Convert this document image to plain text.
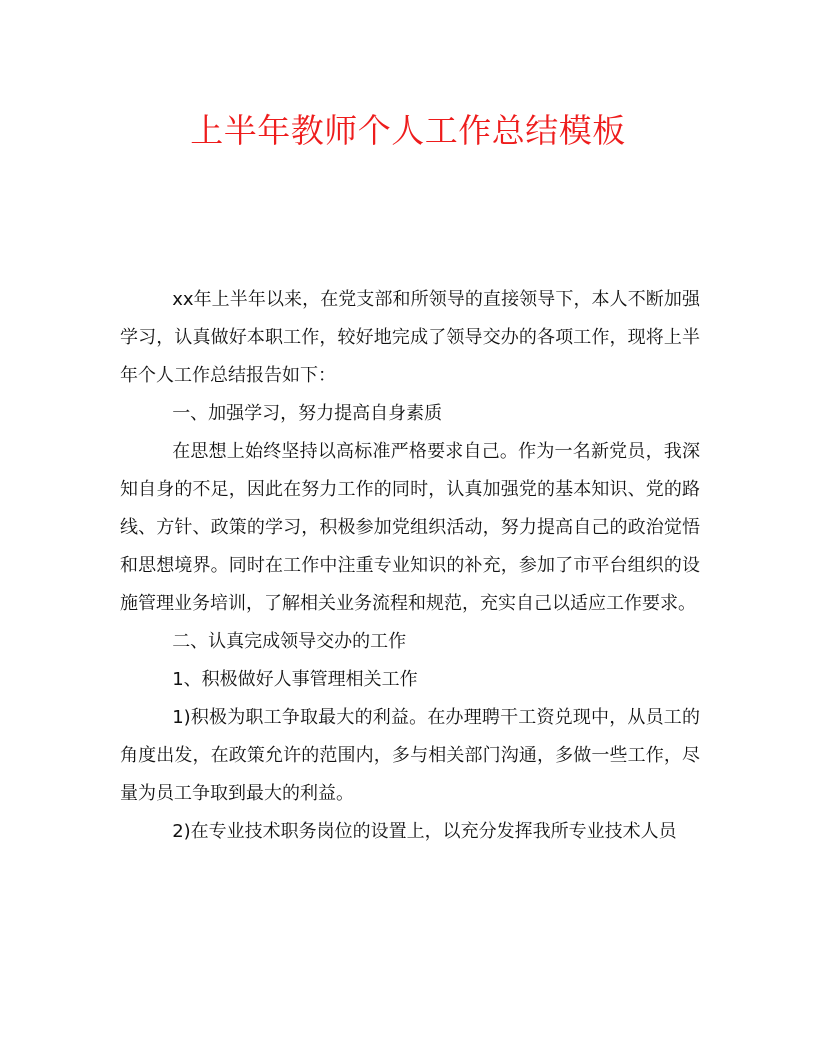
上半年教师个人工作总结模板

xx年上半年以来，在党支部和所领导的直接领导下，本人不断加强学习，认真做好本职工作，较好地完成了领导交办的各项工作，现将上半年个人工作总结报告如下：

一、加强学习，努力提高自身素质

在思想上始终坚持以高标准严格要求自己。作为一名新党员，我深知自身的不足，因此在努力工作的同时，认真加强党的基本知识、党的路线、方针、政策的学习，积极参加党组织活动，努力提高自己的政治觉悟和思想境界。同时在工作中注重专业知识的补充，参加了市平台组织的设施管理业务培训，了解相关业务流程和规范，充实自己以适应工作要求。

二、认真完成领导交办的工作

1、积极做好人事管理相关工作

1)积极为职工争取最大的利益。在办理聘干工资兑现中，从员工的角度出发，在政策允许的范围内，多与相关部门沟通，多做一些工作，尽量为员工争取到最大的利益。

2)在专业技术职务岗位的设置上，以充分发挥我所专业技术人员
